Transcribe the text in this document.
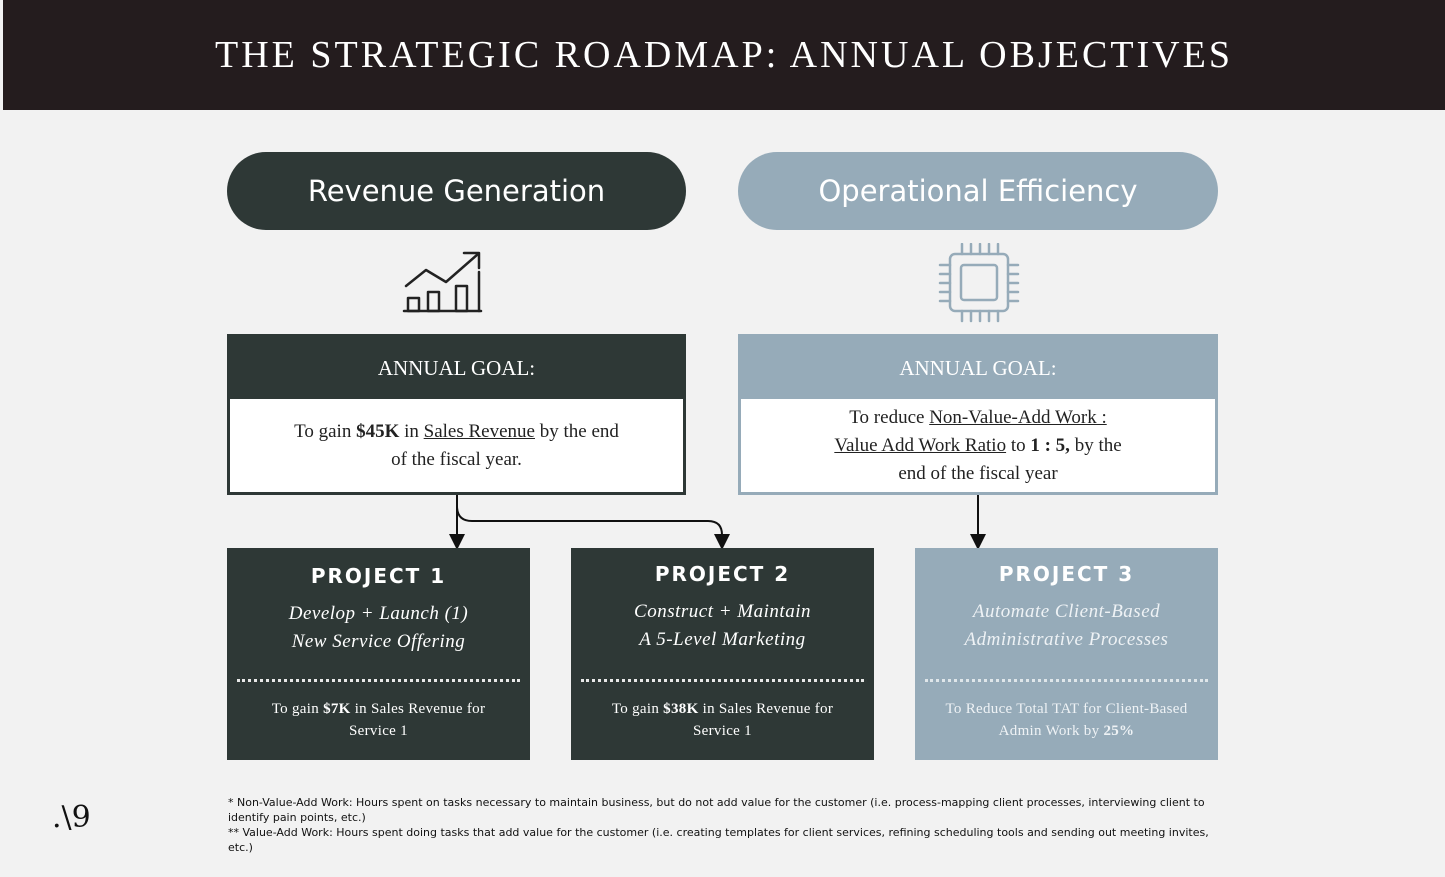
THE STRATEGIC ROADMAP: ANNUAL OBJECTIVES
Revenue Generation	Operational Efficiency
ANNUAL GOAL:
To gain $45K in Sales Revenue by the end of the fiscal year.
ANNUAL GOAL:
To reduce Non-Value-Add Work :
Value Add Work Ratio to 1 : 5, by the end of the fiscal year
PROJECT 1
Develop + Launch (1)
New Service Offering
To gain $7K in Sales Revenue for Service 1
PROJECT 2
Construct + Maintain
A 5-Level Marketing
To gain $38K in Sales Revenue for Service 1
PROJECT 3
Automate Client-Based
Administrative Processes
To Reduce Total TAT for Client-Based Admin Work by 25%
.\9	* Non-Value-Add Work: Hours spent on tasks necessary to maintain business, but do not add value for the customer (i.e. process-mapping client processes, interviewing client to identify pain points, etc.)
** Value-Add Work: Hours spent doing tasks that add value for the customer (i.e. creating templates for client services, refining scheduling tools and sending out meeting invites, etc.)
